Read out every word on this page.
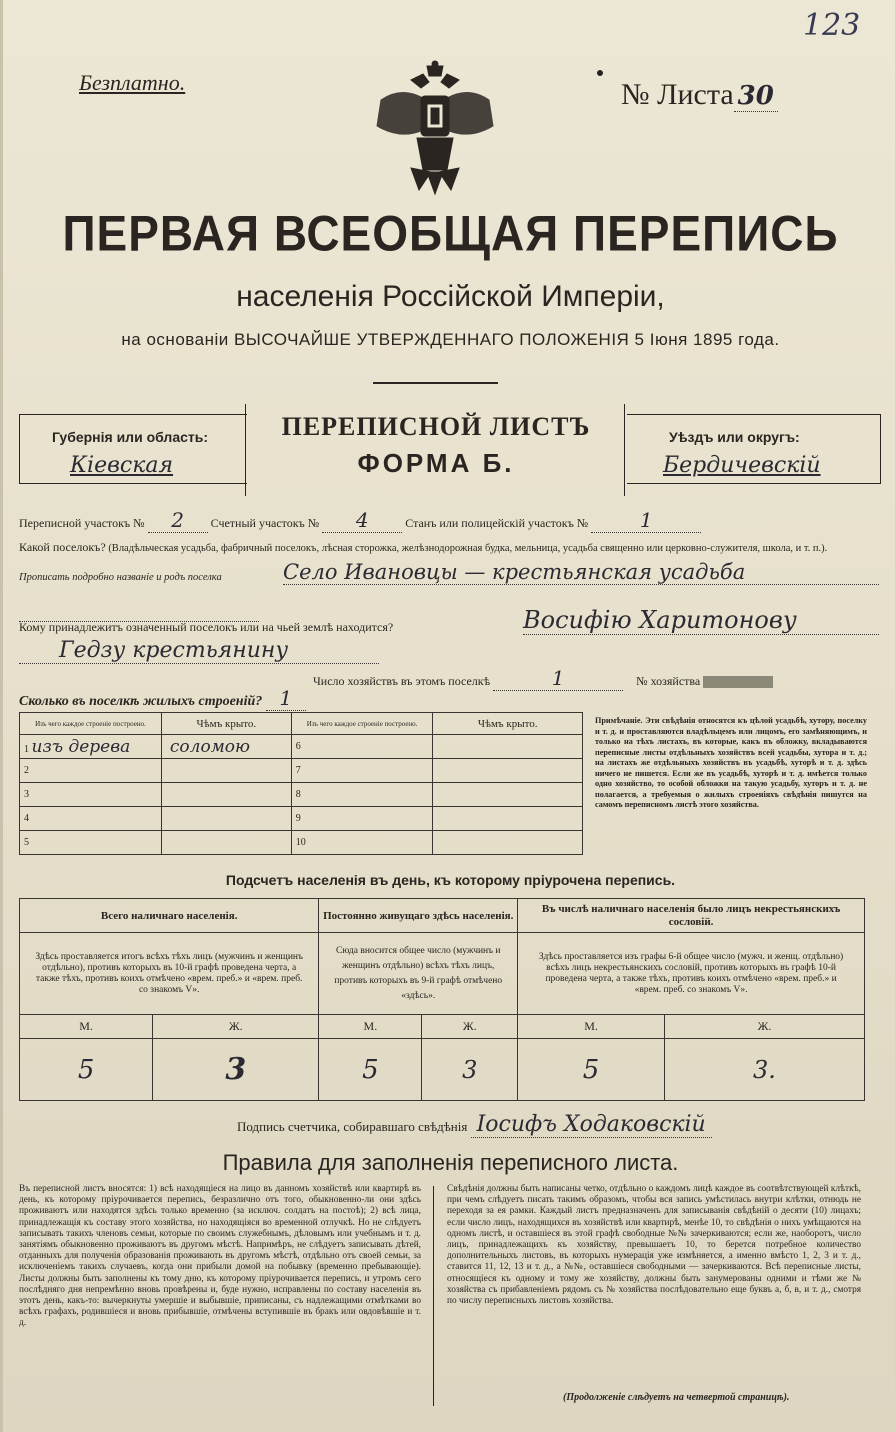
123
Безплатно.	№ Листа 30
ПЕРВАЯ ВСЕОБЩАЯ ПЕРЕПИСЬ
населенія Россійской Имперіи,
на основаніи ВЫСОЧАЙШЕ УТВЕРЖДЕННАГО ПОЛОЖЕНІЯ 5 Іюня 1895 года.
Губернія или область:
Кіевская
ПЕРЕПИСНОЙ ЛИСТЪ
ФОРМА Б.
Уѣздъ или округъ:
Бердичевскій
Переписной участокъ № 2 Счетный участокъ № 4	Станъ или полицейскій участокъ №	1
Какой поселокъ? (Владѣльческая усадьба, фабричный поселокъ, лѣсная сторожка, желѣзнодорожная будка, мельница, усадьба священно или церковно-служителя, школа, и т. п.).
Прописать подробно названіе и родъ поселка	Село Ивановцы — крестьянская усадьба
Кому принадлежитъ означенный поселокъ или на чьей землѣ находится?	Восифію Харитонову
Гедзу крестьянину
Число хозяйствъ въ этомъ поселкѣ	1	№ хозяйства
Сколько въ поселкѣ жилыхъ строеній? 1
Изъ чего каждое строеніе построено.	Чѣмъ крыто.	Изъ чего каждое строеніе построено.	Чѣмъ крыто.
1 изъ дерева	соломою	6	
2		7	
3		8	
4		9	
5		10	
Примѣчаніе. Эти свѣдѣнія относятся къ цѣлой усадьбѣ, хутору, поселку и т. д. и проставляются владѣльцемъ или лицомъ, его замѣняющимъ, и только на тѣхъ листахъ, въ которые, какъ въ обложку, вкладываются переписные листы отдѣльныхъ хозяйствъ всей усадьбы, хутора и т. д.; на листахъ же отдѣльныхъ хозяйствъ въ усадьбѣ, хуторѣ и т. д. здѣсь ничего не пишется. Если же въ усадьбѣ, хуторѣ и т. д. имѣется только одно хозяйство, то особой обложки на такую усадьбу, хуторъ и т. д. не полагается, а требуемыя о жилыхъ строеніяхъ свѣдѣнія пишутся на самомъ переписномъ листѣ этого хозяйства.
Подсчетъ населенія въ день, къ которому пріурочена перепись.
Всего наличнаго населенія.		Постоянно живущаго здѣсь населенія.		Въ числѣ наличнаго населенія было лицъ некрестьянскихъ сословій.	
Здѣсь проставляется итогъ всѣхъ тѣхъ лицъ (мужчинъ и женщинъ отдѣльно), противъ которыхъ въ 10-й графѣ проведена черта, а также тѣхъ, противъ коихъ отмѣчено «врем. преб.» и «врем. преб. со знакомъ V».		Сюда вносится общее число (мужчинъ и женщинъ отдѣльно) всѣхъ тѣхъ лицъ, противъ которыхъ въ 9-й графѣ отмѣчено «здѣсь».		Здѣсь проставляется изъ графы 6-й общее число (мужч. и женщ. отдѣльно) всѣхъ лицъ некрестьянскихъ сословій, противъ которыхъ въ графѣ 10-й проведена черта, а также тѣхъ, противъ коихъ отмѣчено «врем. преб.» и «врем. преб. со знакомъ V».	
М.	Ж.	М.	Ж.	М.	Ж.
5	3	5	3	5	3.
Подпись счетчика, собиравшаго свѣдѣнія Іосифъ Ходаковскій
Правила для заполненія переписного листа.
Въ переписной листъ вносятся: 1) всѣ находящіеся на лицо въ данномъ хозяйствѣ или квартирѣ въ день, къ которому пріурочивается перепись, безразлично отъ того, обыкновенно-ли они здѣсь проживаютъ или находятся здѣсь только временно (за исключ. солдатъ на постоѣ); 2) всѣ лица, принадлежащія къ составу этого хозяйства, но находящіяся во временной отлучкѣ. Но не слѣдуетъ записывать такихъ членовъ семьи, которые по своимъ служебнымъ, дѣловымъ или учебнымъ и т. д. занятіямъ обыкновенно проживаютъ въ другомъ мѣстѣ. Напримѣръ, не слѣдуетъ записывать дѣтей, отданныхъ для полученія образованія проживають въ другомъ мѣстѣ, отдѣльно отъ своей семьи, за исключеніемъ такихъ случаевъ, когда они прибыли домой на побывку (временно пребывающіе). Листы должны быть заполнены къ тому дню, къ которому пріурочивается перепись, и утромъ сего послѣдняго дня непремѣнно вновь провѣрены и, буде нужно, исправлены по составу населенія въ этотъ день, какъ-то: вычеркнуты умершіе и выбывшіе, приписаны, съ надлежащими отмѣтками во всѣхъ графахъ, родившіеся и вновь прибывшіе, отмѣчены вступившіе въ бракъ или овдовѣвшіе и т. д.
Свѣдѣнія должны быть написаны четко, отдѣльно о каждомъ лицѣ каждое въ соотвѣтствующей клѣткѣ, при чемъ слѣдуетъ писать такимъ образомъ, чтобы вся запись умѣстилась внутри клѣтки, отнюдь не переходя за ея рамки. Каждый листъ предназначенъ для записыванія свѣдѣній о десяти (10) лицахъ; если число лицъ, находящихся въ хозяйствѣ или квартирѣ, менѣе 10, то свѣдѣнія о нихъ умѣщаются на одномъ листѣ, и оставшіеся въ этой графѣ свободные №№ зачеркиваются; если же, наоборотъ, число лицъ, принадлежащихъ къ хозяйству, превышаетъ 10, то берется потребное количество дополнительныхъ листовъ, въ которыхъ нумерація уже измѣняется, а именно вмѣсто 1, 2, 3 и т. д., ставится 11, 12, 13 и т. д., а №№, оставшіеся свободными — зачеркиваются. Всѣ переписные листы, относящіеся къ одному и тому же хозяйству, должны быть занумерованы одними и тѣми же № хозяйства съ прибавленіемъ рядомъ съ № хозяйства послѣдовательно еще буквъ а, б, в, и т. д., смотря по числу переписныхъ листовъ хозяйства.
(Продолженіе слѣдуетъ на четвертой страницѣ).
